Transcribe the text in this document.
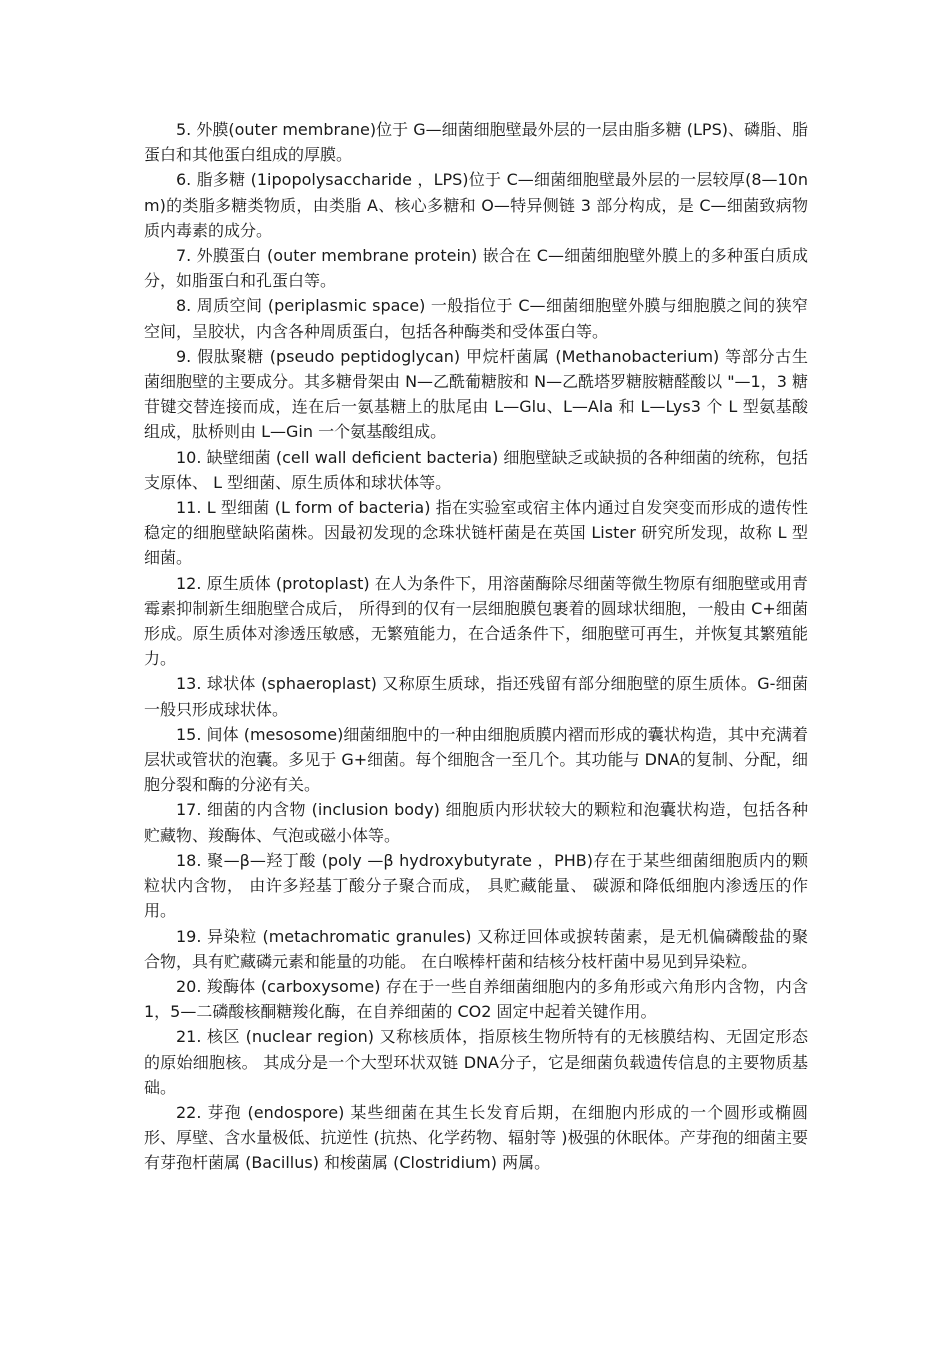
5. 外膜(outer membrane)位于 G—细菌细胞壁最外层的一层由脂多糖 (LPS)、磷脂、脂蛋白和其他蛋白组成的厚膜。

6. 脂多糖 (1ipopolysaccharide ，LPS)位于 C—细菌细胞壁最外层的一层较厚(8—10nm)的类脂多糖类物质，由类脂 A、核心多糖和 O—特异侧链 3 部分构成，是 C—细菌致病物质内毒素的成分。

7. 外膜蛋白 (outer membrane protein) 嵌合在 C—细菌细胞壁外膜上的多种蛋白质成分，如脂蛋白和孔蛋白等。

8. 周质空间 (periplasmic space) 一般指位于 C—细菌细胞壁外膜与细胞膜之间的狭窄空间，呈胶状，内含各种周质蛋白，包括各种酶类和受体蛋白等。

9. 假肽聚糖 (pseudo peptidoglycan) 甲烷杆菌属 (Methanobacterium) 等部分古生菌细胞壁的主要成分。其多糖骨架由 N—乙酰葡糖胺和 N—乙酰塔罗糖胺糖醛酸以 "—1，3 糖苷键交替连接而成，连在后一氨基糖上的肽尾由 L—Glu、L—Ala 和 L—Lys3 个 L 型氨基酸组成，肽桥则由 L—Gin 一个氨基酸组成。

10. 缺壁细菌 (cell wall deficient bacteria) 细胞壁缺乏或缺损的各种细菌的统称，包括支原体、 L 型细菌、原生质体和球状体等。

11. L 型细菌 (L form of bacteria) 指在实验室或宿主体内通过自发突变而形成的遗传性稳定的细胞壁缺陷菌株。因最初发现的念珠状链杆菌是在英国 Lister 研究所发现，故称 L 型细菌。

12. 原生质体 (protoplast) 在人为条件下，用溶菌酶除尽细菌等微生物原有细胞壁或用青霉素抑制新生细胞壁合成后， 所得到的仅有一层细胞膜包裹着的圆球状细胞，一般由 C+细菌形成。原生质体对渗透压敏感，无繁殖能力，在合适条件下，细胞壁可再生，并恢复其繁殖能力。

13. 球状体 (sphaeroplast) 又称原生质球，指还残留有部分细胞壁的原生质体。G-细菌一般只形成球状体。

15. 间体 (mesosome)细菌细胞中的一种由细胞质膜内褶而形成的囊状构造，其中充满着层状或管状的泡囊。多见于 G+细菌。每个细胞含一至几个。其功能与 DNA的复制、分配，细胞分裂和酶的分泌有关。

17. 细菌的内含物 (inclusion body) 细胞质内形状较大的颗粒和泡囊状构造，包括各种贮藏物、羧酶体、气泡或磁小体等。

18. 聚—β—羟丁酸 (poly —β hydroxybutyrate ，PHB)存在于某些细菌细胞质内的颗粒状内含物， 由许多羟基丁酸分子聚合而成， 具贮藏能量、 碳源和降低细胞内渗透压的作用。

19. 异染粒 (metachromatic granules) 又称迂回体或捩转菌素，是无机偏磷酸盐的聚合物，具有贮藏磷元素和能量的功能。 在白喉棒杆菌和结核分枝杆菌中易见到异染粒。

20. 羧酶体 (carboxysome) 存在于一些自养细菌细胞内的多角形或六角形内含物，内含 1，5—二磷酸核酮糖羧化酶，在自养细菌的 CO2 固定中起着关键作用。

21. 核区 (nuclear region) 又称核质体，指原核生物所特有的无核膜结构、无固定形态的原始细胞核。 其成分是一个大型环状双链 DNA分子，它是细菌负载遗传信息的主要物质基础。

22. 芽孢 (endospore) 某些细菌在其生长发育后期，在细胞内形成的一个圆形或椭圆形、厚壁、含水量极低、抗逆性 (抗热、化学药物、辐射等 )极强的休眠体。产芽孢的细菌主要有芽孢杆菌属 (Bacillus) 和梭菌属 (Clostridium) 两属。
